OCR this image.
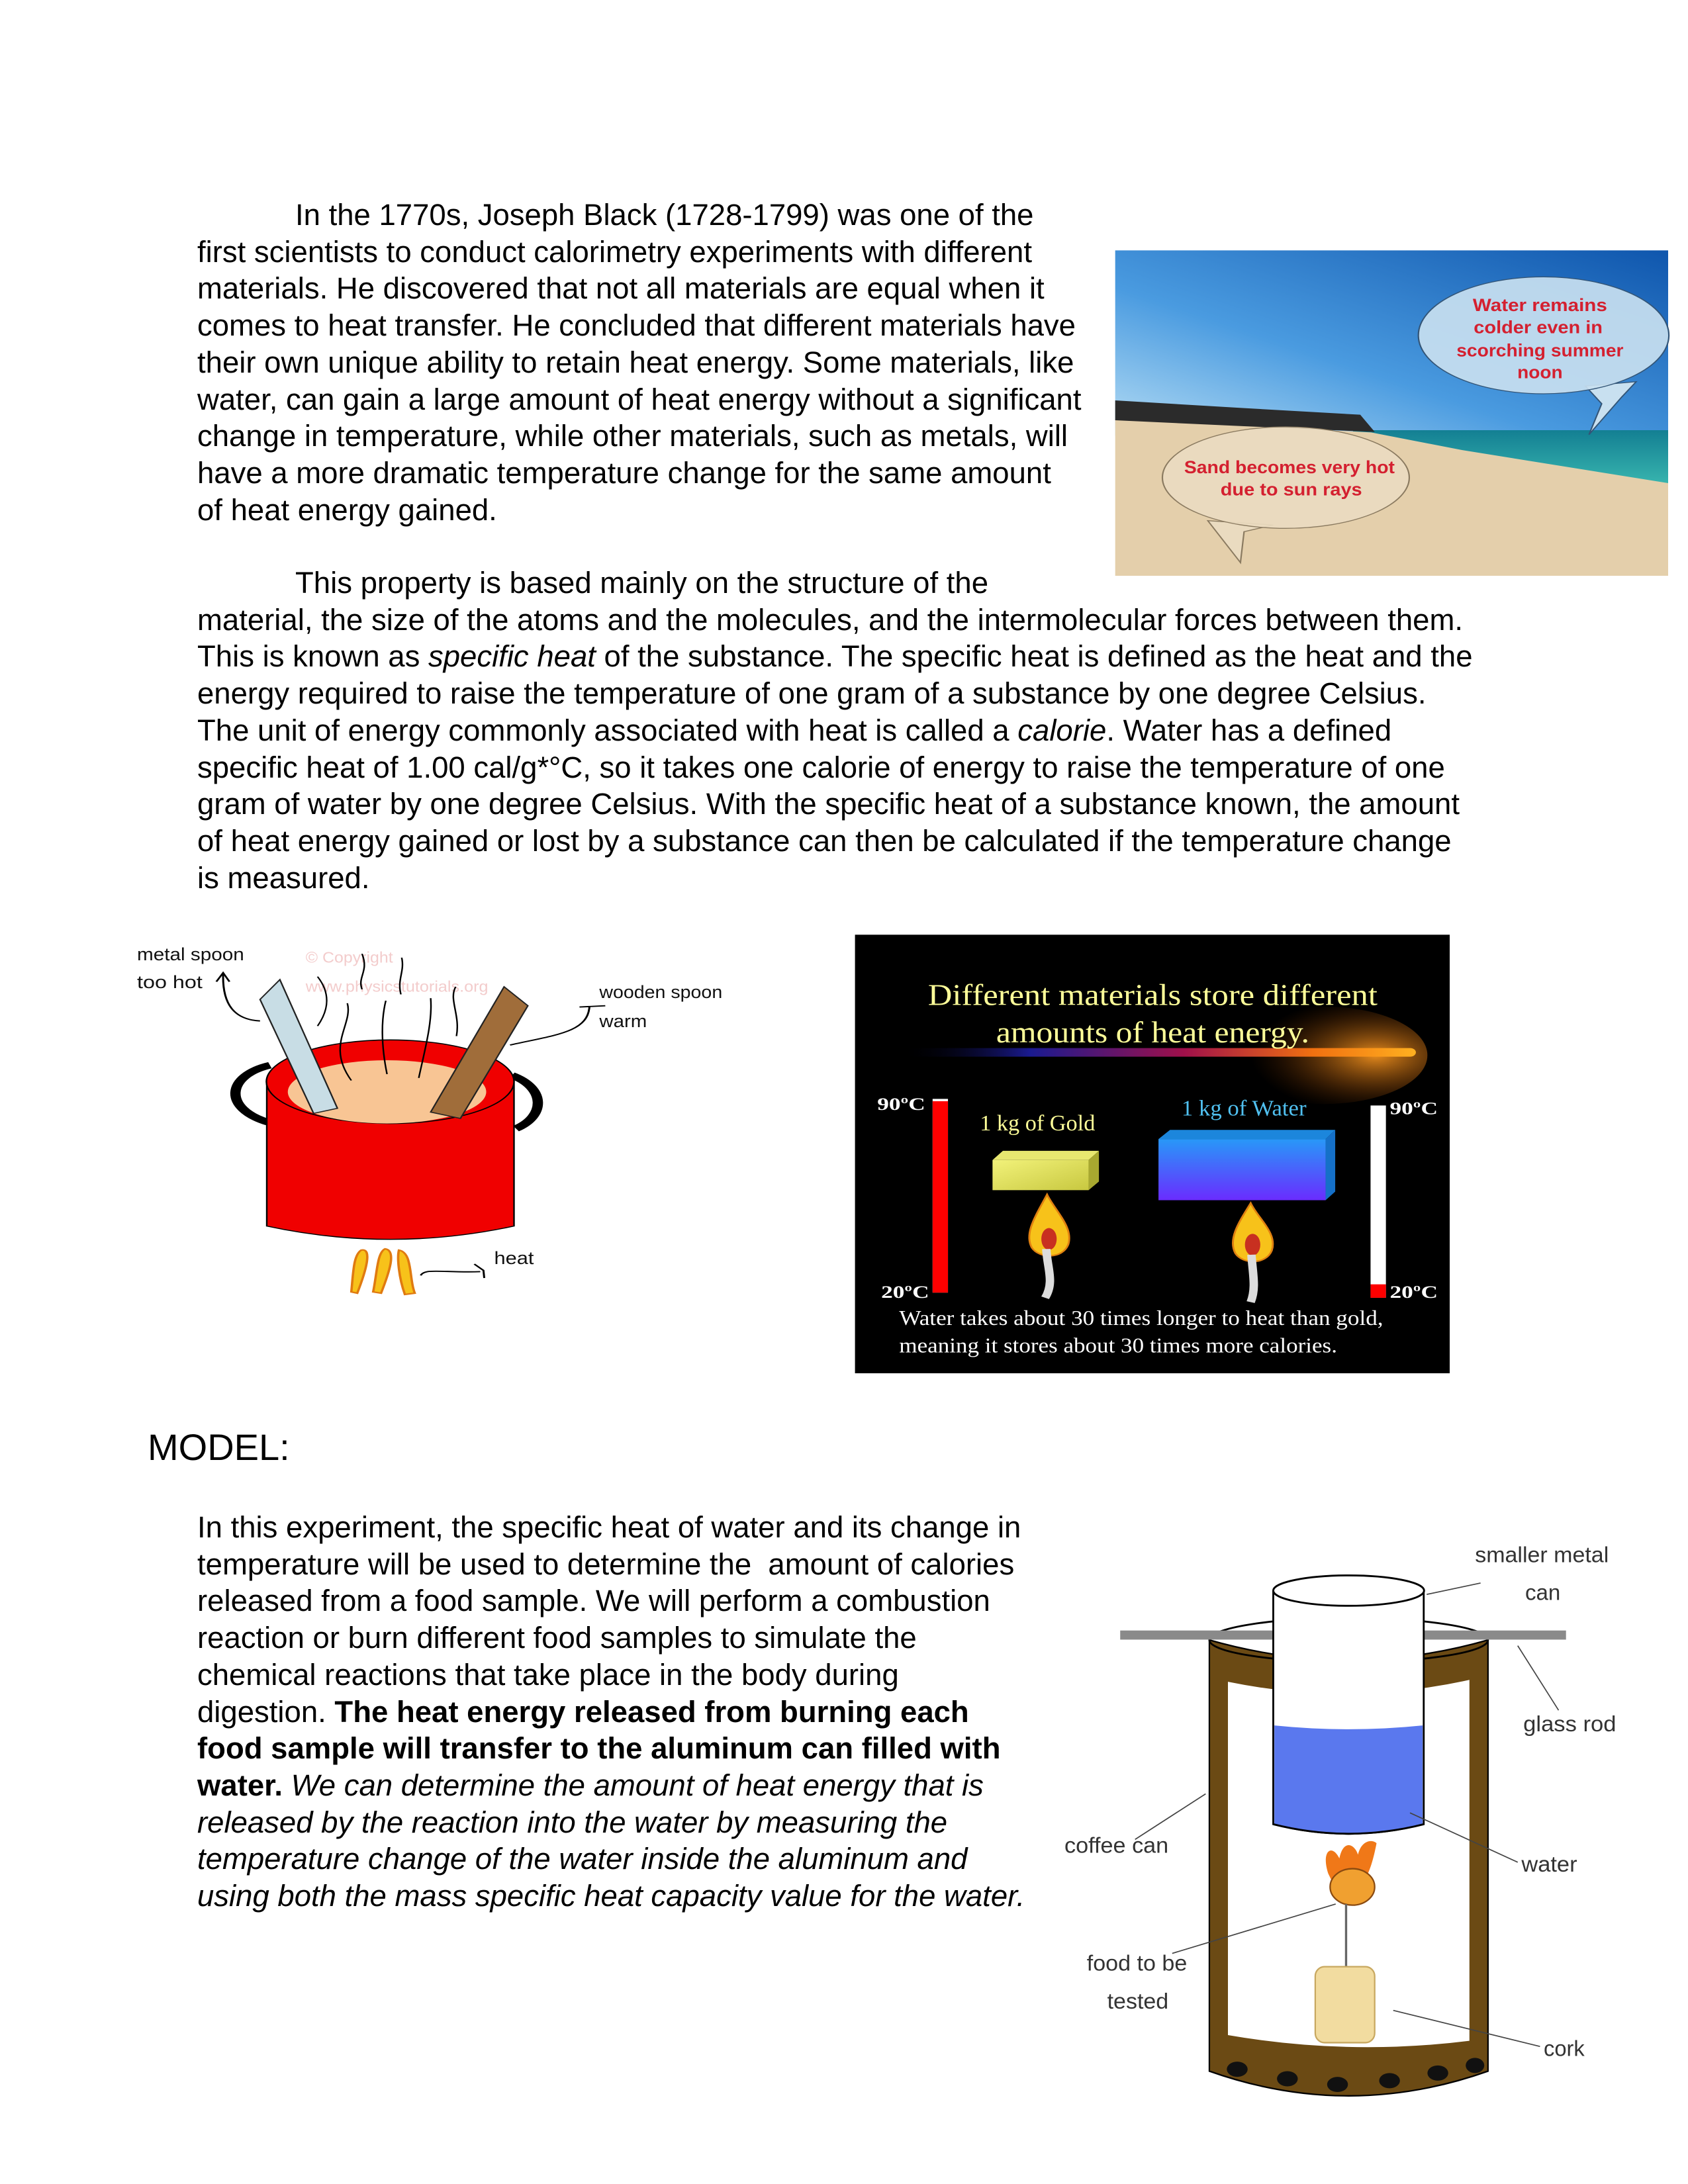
In the 1770s, Joseph Black (1728-1799) was one of the
first scientists to conduct calorimetry experiments with different
materials. He discovered that not all materials are equal when it
comes to heat transfer. He concluded that different materials have
their own unique ability to retain heat energy. Some materials, like
water, can gain a large amount of heat energy without a significant
change in temperature, while other materials, such as metals, will
have a more dramatic temperature change for the same amount
of heat energy gained.
This property is based mainly on the structure of the
material, the size of the atoms and the molecules, and the intermolecular forces between them.
This is known as specific heat of the substance. The specific heat is defined as the heat and the
energy required to raise the temperature of one gram of a substance by one degree Celsius.
The unit of energy commonly associated with heat is called a calorie. Water has a defined
specific heat of 1.00 cal/g*°C, so it takes one calorie of energy to raise the temperature of one
gram of water by one degree Celsius. With the specific heat of a substance known, the amount
of heat energy gained or lost by a substance can then be calculated if the temperature change
is measured.
Water remains
colder even in
scorching summer
noon
Sand becomes very hot
due to sun rays
© Copyright
www.physicstutorials.org
metal spoon
too hot
wooden spoon
warm
heat
Different materials store different
amounts of heat energy.
90ºC
20ºC
90ºC
20ºC
1 kg of Gold
1 kg of Water
Water takes about 30 times longer to heat than gold,
meaning it stores about 30 times more calories.
MODEL:
In this experiment, the specific heat of water and its change in
temperature will be used to determine the  amount of calories
released from a food sample. We will perform a combustion
reaction or burn different food samples to simulate the
chemical reactions that take place in the body during
digestion. The heat energy released from burning each
food sample will transfer to the aluminum can filled with
water. We can determine the amount of heat energy that is
released by the reaction into the water by measuring the
temperature change of the water inside the aluminum and
using both the mass specific heat capacity value for the water.
smaller metal
can
glass rod
coffee can
water
food to be
tested
cork
